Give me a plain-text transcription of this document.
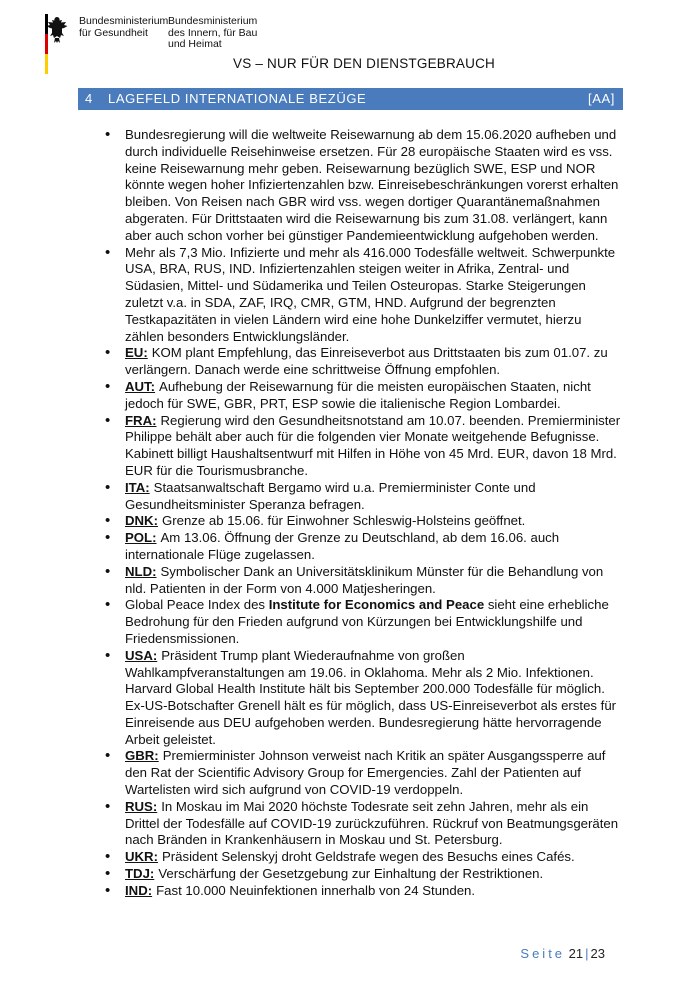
Bundesministerium
für Gesundheit
Bundesministerium
des Innern, für Bau
und Heimat
VS – NUR FÜR DEN DIENSTGEBRAUCH
4 LAGEFELD INTERNATIONALE BEZÜGE	[AA]
• Bundesregierung will die weltweite Reisewarnung ab dem 15.06.2020 aufheben und durch individuelle Reisehinweise ersetzen. Für 28 europäische Staaten wird es vss. keine Reisewarnung mehr geben. Reisewarnung bezüglich SWE, ESP und NOR könnte wegen hoher Infiziertenzahlen bzw. Einreisebeschränkungen vorerst erhalten bleiben. Von Reisen nach GBR wird vss. wegen dortiger Quarantänemaßnahmen abgeraten. Für Drittstaaten wird die Reisewarnung bis zum 31.08. verlängert, kann aber auch schon vorher bei günstiger Pandemieentwicklung aufgehoben werden.
• Mehr als 7,3 Mio. Infizierte und mehr als 416.000 Todesfälle weltweit. Schwerpunkte USA, BRA, RUS, IND. Infiziertenzahlen steigen weiter in Afrika, Zentral- und Südasien, Mittel- und Südamerika und Teilen Osteuropas. Starke Steigerungen zuletzt v.a. in SDA, ZAF, IRQ, CMR, GTM, HND. Aufgrund der begrenzten Testkapazitäten in vielen Ländern wird eine hohe Dunkelziffer vermutet, hierzu zählen besonders Entwicklungsländer.
• EU: KOM plant Empfehlung, das Einreiseverbot aus Drittstaaten bis zum 01.07. zu verlängern. Danach werde eine schrittweise Öffnung empfohlen.
• AUT: Aufhebung der Reisewarnung für die meisten europäischen Staaten, nicht jedoch für SWE, GBR, PRT, ESP sowie die italienische Region Lombardei.
• FRA: Regierung wird den Gesundheitsnotstand am 10.07. beenden. Premierminister Philippe behält aber auch für die folgenden vier Monate weitgehende Befugnisse. Kabinett billigt Haushaltsentwurf mit Hilfen in Höhe von 45 Mrd. EUR, davon 18 Mrd. EUR für die Tourismusbranche.
• ITA: Staatsanwaltschaft Bergamo wird u.a. Premierminister Conte und Gesundheitsminister Speranza befragen.
• DNK: Grenze ab 15.06. für Einwohner Schleswig-Holsteins geöffnet.
• POL: Am 13.06. Öffnung der Grenze zu Deutschland, ab dem 16.06. auch internationale Flüge zugelassen.
• NLD: Symbolischer Dank an Universitätsklinikum Münster für die Behandlung von nld. Patienten in der Form von 4.000 Matjesheringen.
• Global Peace Index des Institute for Economics and Peace sieht eine erhebliche Bedrohung für den Frieden aufgrund von Kürzungen bei Entwicklungshilfe und Friedensmissionen.
• USA: Präsident Trump plant Wiederaufnahme von großen Wahlkampfveranstaltungen am 19.06. in Oklahoma. Mehr als 2 Mio. Infektionen. Harvard Global Health Institute hält bis September 200.000 Todesfälle für möglich. Ex-US-Botschafter Grenell hält es für möglich, dass US-Einreiseverbot als erstes für Einreisende aus DEU aufgehoben werden. Bundesregierung hätte hervorragende Arbeit geleistet.
• GBR: Premierminister Johnson verweist nach Kritik an später Ausgangssperre auf den Rat der Scientific Advisory Group for Emergencies. Zahl der Patienten auf Wartelisten wird sich aufgrund von COVID-19 verdoppeln.
• RUS: In Moskau im Mai 2020 höchste Todesrate seit zehn Jahren, mehr als ein Drittel der Todesfälle auf COVID-19 zurückzuführen. Rückruf von Beatmungsgeräten nach Bränden in Krankenhäusern in Moskau und St. Petersburg.
• UKR: Präsident Selenskyj droht Geldstrafe wegen des Besuchs eines Cafés.
• TDJ: Verschärfung der Gesetzgebung zur Einhaltung der Restriktionen.
• IND: Fast 10.000 Neuinfektionen innerhalb von 24 Stunden.
Seite 21 | 23
